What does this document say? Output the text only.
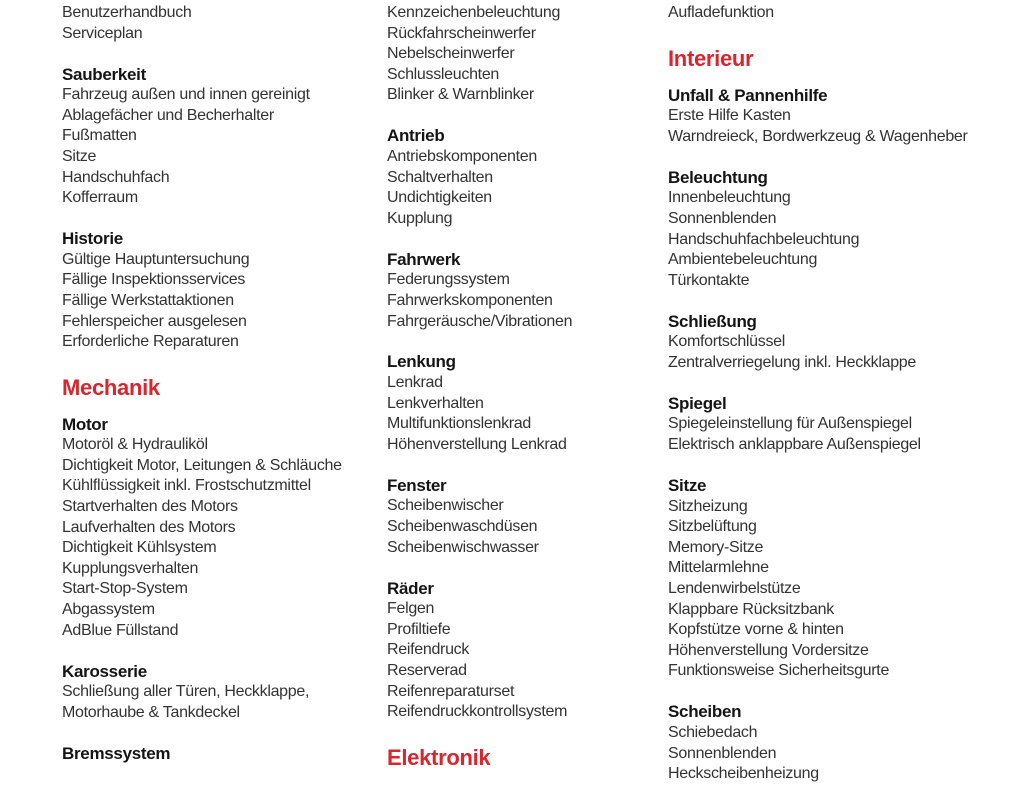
Benutzerhandbuch
Serviceplan
Sauberkeit
Fahrzeug außen und innen gereinigt
Ablagefächer und Becherhalter
Fußmatten
Sitze
Handschuhfach
Kofferraum
Historie
Gültige Hauptuntersuchung
Fällige Inspektionsservices
Fällige Werkstattaktionen
Fehlerspeicher ausgelesen
Erforderliche Reparaturen
Mechanik
Motor
Motoröl & Hydrauliköl
Dichtigkeit Motor, Leitungen & Schläuche
Kühlflüssigkeit inkl. Frostschutzmittel
Startverhalten des Motors
Laufverhalten des Motors
Dichtigkeit Kühlsystem
Kupplungsverhalten
Start-Stop-System
Abgassystem
AdBlue Füllstand
Karosserie
Schließung aller Türen, Heckklappe,
Motorhaube & Tankdeckel
Bremssystem
Kennzeichenbeleuchtung
Rückfahrscheinwerfer
Nebelscheinwerfer
Schlussleuchten
Blinker & Warnblinker
Antrieb
Antriebskomponenten
Schaltverhalten
Undichtigkeiten
Kupplung
Fahrwerk
Federungssystem
Fahrwerkskomponenten
Fahrgeräusche/Vibrationen
Lenkung
Lenkrad
Lenkverhalten
Multifunktionslenkrad
Höhenverstellung Lenkrad
Fenster
Scheibenwischer
Scheibenwaschdüsen
Scheibenwischwasser
Räder
Felgen
Profiltiefe
Reifendruck
Reserverad
Reifenreparaturset
Reifendruckkontrollsystem
Elektronik
Aufladefunktion
Interieur
Unfall & Pannenhilfe
Erste Hilfe Kasten
Warndreieck, Bordwerkzeug & Wagenheber
Beleuchtung
Innenbeleuchtung
Sonnenblenden
Handschuhfachbeleuchtung
Ambientebeleuchtung
Türkontakte
Schließung
Komfortschlüssel
Zentralverriegelung inkl. Heckklappe
Spiegel
Spiegeleinstellung für Außenspiegel
Elektrisch anklappbare Außenspiegel
Sitze
Sitzheizung
Sitzbelüftung
Memory-Sitze
Mittelarmlehne
Lendenwirbelstütze
Klappbare Rücksitzbank
Kopfstütze vorne & hinten
Höhenverstellung Vordersitze
Funktionsweise Sicherheitsgurte
Scheiben
Schiebedach
Sonnenblenden
Heckscheibenheizung
